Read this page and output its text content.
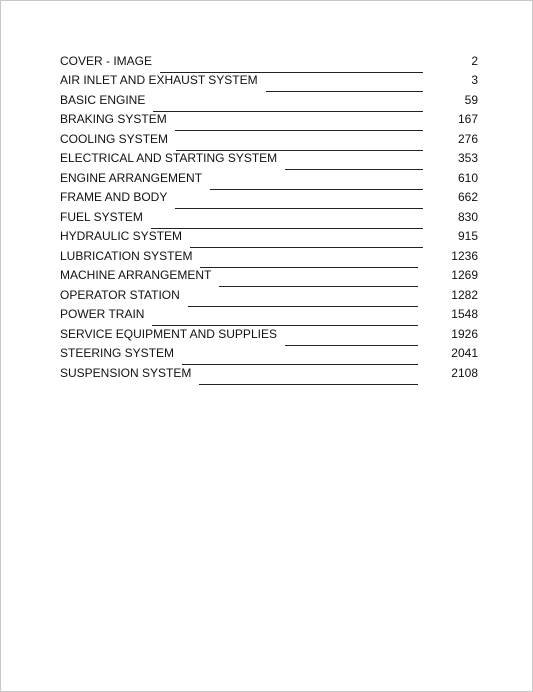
COVER - IMAGE	2
AIR INLET AND EXHAUST SYSTEM	3
BASIC ENGINE	59
BRAKING SYSTEM	167
COOLING SYSTEM	276
ELECTRICAL AND STARTING SYSTEM	353
ENGINE ARRANGEMENT	610
FRAME AND BODY	662
FUEL SYSTEM	830
HYDRAULIC SYSTEM	915
LUBRICATION SYSTEM	1236
MACHINE ARRANGEMENT	1269
OPERATOR STATION	1282
POWER TRAIN	1548
SERVICE EQUIPMENT AND SUPPLIES	1926
STEERING SYSTEM	2041
SUSPENSION SYSTEM	2108
